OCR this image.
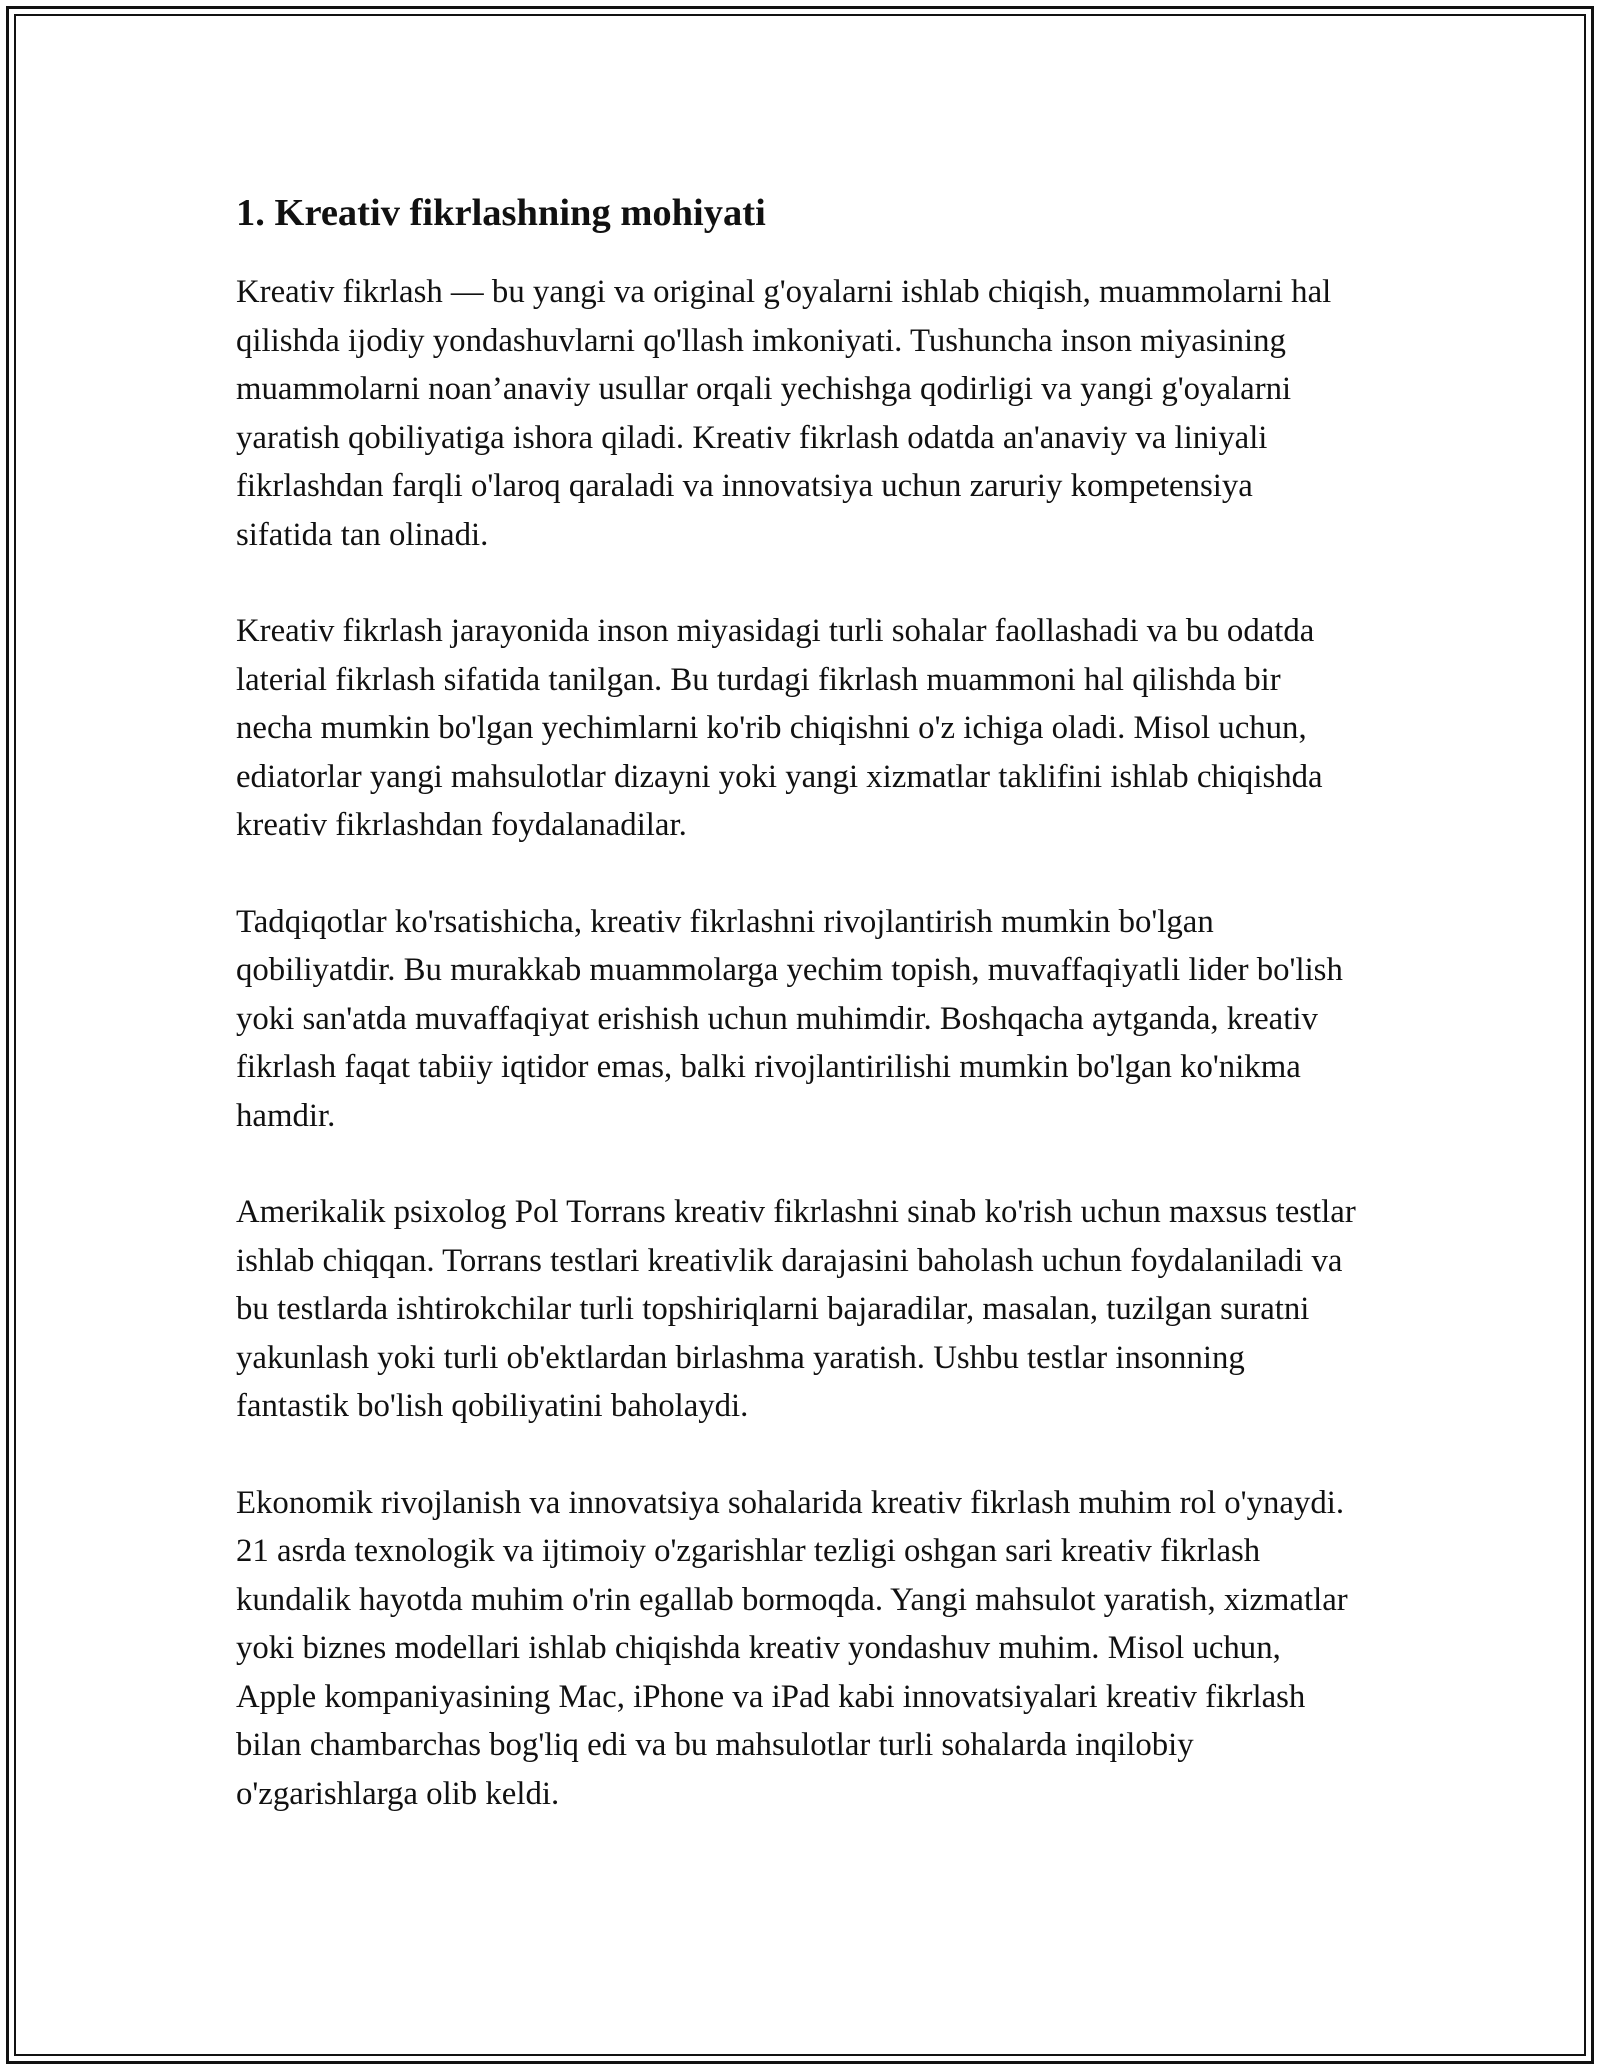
1. Kreativ fikrlashning mohiyati

Kreativ fikrlash — bu yangi va original g'oyalarni ishlab chiqish, muammolarni hal qilishda ijodiy yondashuvlarni qo'llash imkoniyati. Tushuncha inson miyasining muammolarni noan’anaviy usullar orqali yechishga qodirligi va yangi g'oyalarni yaratish qobiliyatiga ishora qiladi. Kreativ fikrlash odatda an'anaviy va liniyali fikrlashdan farqli o'laroq qaraladi va innovatsiya uchun zaruriy kompetensiya sifatida tan olinadi.

Kreativ fikrlash jarayonida inson miyasidagi turli sohalar faollashadi va bu odatda laterial fikrlash sifatida tanilgan. Bu turdagi fikrlash muammoni hal qilishda bir necha mumkin bo'lgan yechimlarni ko'rib chiqishni o'z ichiga oladi. Misol uchun, ediatorlar yangi mahsulotlar dizayni yoki yangi xizmatlar taklifini ishlab chiqishda kreativ fikrlashdan foydalanadilar.

Tadqiqotlar ko'rsatishicha, kreativ fikrlashni rivojlantirish mumkin bo'lgan qobiliyatdir. Bu murakkab muammolarga yechim topish, muvaffaqiyatli lider bo'lish yoki san'atda muvaffaqiyat erishish uchun muhimdir. Boshqacha aytganda, kreativ fikrlash faqat tabiiy iqtidor emas, balki rivojlantirilishi mumkin bo'lgan ko'nikma hamdir.

Amerikalik psixolog Pol Torrans kreativ fikrlashni sinab ko'rish uchun maxsus testlar ishlab chiqqan. Torrans testlari kreativlik darajasini baholash uchun foydalaniladi va bu testlarda ishtirokchilar turli topshiriqlarni bajaradilar, masalan, tuzilgan suratni yakunlash yoki turli ob'ektlardan birlashma yaratish. Ushbu testlar insonning fantastik bo'lish qobiliyatini baholaydi.

Ekonomik rivojlanish va innovatsiya sohalarida kreativ fikrlash muhim rol o'ynaydi. 21 asrda texnologik va ijtimoiy o'zgarishlar tezligi oshgan sari kreativ fikrlash kundalik hayotda muhim o'rin egallab bormoqda. Yangi mahsulot yaratish, xizmatlar yoki biznes modellari ishlab chiqishda kreativ yondashuv muhim. Misol uchun, Apple kompaniyasining Mac, iPhone va iPad kabi innovatsiyalari kreativ fikrlash bilan chambarchas bog'liq edi va bu mahsulotlar turli sohalarda inqilobiy o'zgarishlarga olib keldi.
